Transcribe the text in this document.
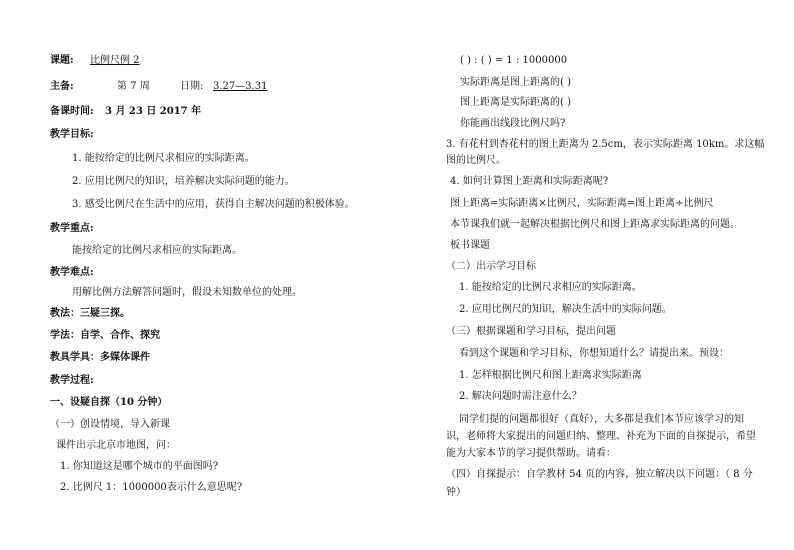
课题: 比例尺例 2
主备:	第 7 周	日期: 3.27—3.31
备课时间: 3 月 23 日 2017 年
教学目标:
1. 能按给定的比例尺求相应的实际距离。
2. 应用比例尺的知识，培养解决实际问题的能力。
3. 感受比例尺在生活中的应用，获得自主解决问题的积极体验。
教学重点:
能按给定的比例尺求相应的实际距离。
教学难点:
用解比例方法解答问题时，假设未知数单位的处理。
教法：三疑三探。
学法：自学、合作、探究
教具学具：多媒体课件
教学过程:
一、设疑自探（10 分钟）
（一）创设情境，导入新课
课件出示北京市地图，问：
1. 你知道这是哪个城市的平面图吗?
2. 比例尺 1：1000000表示什么意思呢?
( ) : ( ) = 1 : 1000000
实际距离是图上距离的( )
图上距离是实际距离的( )
你能画出线段比例尺吗?
3. 有花村到杏花村的图上距离为 2.5cm，表示实际距离 10km。求这幅
图的比例尺。
4. 如何计算图上距离和实际距离呢?
图上距离=实际距离×比例尺，实际距离=图上距离÷比例尺
本节课我们就一起解决根据比例尺和图上距离求实际距离的问题。
板书课题
（二）出示学习目标
1. 能按给定的比例尺求相应的实际距离。
2. 应用比例尺的知识，解决生活中的实际问题。
（三）根据课题和学习目标，提出问题
看到这个课题和学习目标，你想知道什么？请提出来。预设：
1. 怎样根据比例尺和图上距离求实际距离
2. 解决问题时需注意什么？
同学们提的问题都很好（真好），大多都是我们本节应该学习的知
识，老师将大家提出的问题归纳、整理、补充为下面的自探提示，希望
能为大家本节的学习提供帮助。请看：
（四）自探提示：自学教材 54 页的内容，独立解决以下问题：（ 8 分
钟）
